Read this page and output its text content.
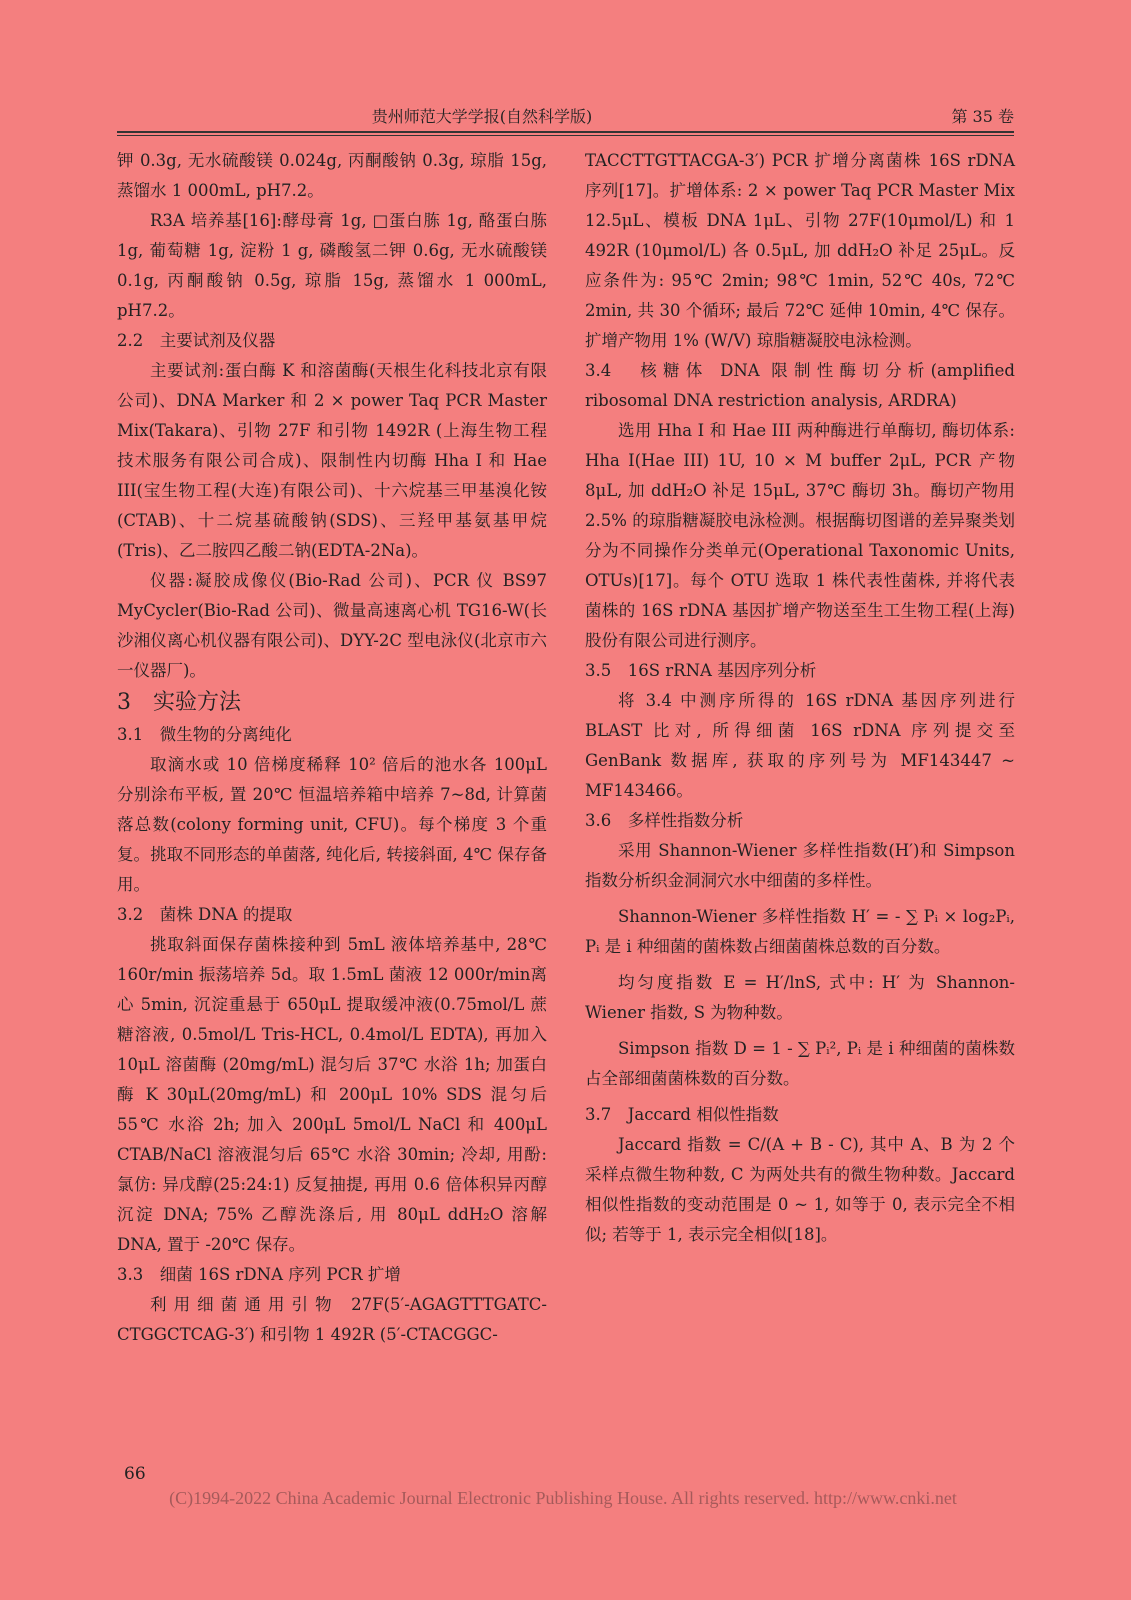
贵州师范大学学报(自然科学版)	第 35 卷

钾 0.3g, 无水硫酸镁 0.024g, 丙酮酸钠 0.3g, 琼脂 15g, 蒸馏水 1 000mL, pH7.2。

R3A 培养基[16]:酵母膏 1g, □蛋白胨 1g, 酪蛋白胨 1g, 葡萄糖 1g, 淀粉 1 g, 磷酸氢二钾 0.6g, 无水硫酸镁 0.1g, 丙酮酸钠 0.5g, 琼脂 15g, 蒸馏水 1 000mL, pH7.2。

2.2　主要试剂及仪器

主要试剂:蛋白酶 K 和溶菌酶(天根生化科技北京有限公司)、DNA Marker 和 2 × power Taq PCR Master Mix(Takara)、引物 27F 和引物 1492R (上海生物工程技术服务有限公司合成)、限制性内切酶 Hha I 和 Hae III(宝生物工程(大连)有限公司)、十六烷基三甲基溴化铵(CTAB)、十二烷基硫酸钠(SDS)、三羟甲基氨基甲烷(Tris)、乙二胺四乙酸二钠(EDTA-2Na)。

仪器:凝胶成像仪(Bio-Rad 公司)、PCR 仪 BS97 MyCycler(Bio-Rad 公司)、微量高速离心机 TG16-W(长沙湘仪离心机仪器有限公司)、DYY-2C 型电泳仪(北京市六一仪器厂)。

3　实验方法

3.1　微生物的分离纯化

取滴水或 10 倍梯度稀释 10² 倍后的池水各 100μL 分别涂布平板, 置 20℃ 恒温培养箱中培养 7~8d, 计算菌落总数(colony forming unit, CFU)。每个梯度 3 个重复。挑取不同形态的单菌落, 纯化后, 转接斜面, 4℃ 保存备用。

3.2　菌株 DNA 的提取

挑取斜面保存菌株接种到 5mL 液体培养基中, 28℃ 160r/min 振荡培养 5d。取 1.5mL 菌液 12 000r/min离心 5min, 沉淀重悬于 650μL 提取缓冲液(0.75mol/L 蔗糖溶液, 0.5mol/L Tris-HCL, 0.4mol/L EDTA), 再加入 10μL 溶菌酶 (20mg/mL) 混匀后 37℃ 水浴 1h; 加蛋白酶 K 30μL(20mg/mL) 和 200μL 10% SDS 混匀后 55℃ 水浴 2h; 加入 200μL 5mol/L NaCl 和 400μL CTAB/NaCl 溶液混匀后 65℃ 水浴 30min; 冷却, 用酚: 氯仿: 异戊醇(25:24:1) 反复抽提, 再用 0.6 倍体积异丙醇沉淀 DNA; 75% 乙醇洗涤后, 用 80μL ddH₂O 溶解 DNA, 置于 -20℃ 保存。

3.3　细菌 16S rDNA 序列 PCR 扩增

利用细菌通用引物 27F(5′-AGAGTTTGATC-CTGGCTCAG-3′) 和引物 1 492R (5′-CTACGGC-

TACCTTGTTACGA-3′) PCR 扩增分离菌株 16S rDNA 序列[17]。扩增体系: 2 × power Taq PCR Master Mix 12.5μL、模板 DNA 1μL、引物 27F(10μmol/L) 和 1 492R (10μmol/L) 各 0.5μL, 加 ddH₂O 补足 25μL。反应条件为: 95℃ 2min; 98℃ 1min, 52℃ 40s, 72℃ 2min, 共 30 个循环; 最后 72℃ 延伸 10min, 4℃ 保存。扩增产物用 1% (W/V) 琼脂糖凝胶电泳检测。

3.4　核糖体 DNA 限制性酶切分析(amplified ribosomal DNA restriction analysis, ARDRA)

选用 Hha I 和 Hae III 两种酶进行单酶切, 酶切体系: Hha I(Hae III) 1U, 10 × M buffer 2μL, PCR 产物 8μL, 加 ddH₂O 补足 15μL, 37℃ 酶切 3h。酶切产物用 2.5% 的琼脂糖凝胶电泳检测。根据酶切图谱的差异聚类划分为不同操作分类单元(Operational Taxonomic Units, OTUs)[17]。每个 OTU 选取 1 株代表性菌株, 并将代表菌株的 16S rDNA 基因扩增产物送至生工生物工程(上海)股份有限公司进行测序。

3.5　16S rRNA 基因序列分析

将 3.4 中测序所得的 16S rDNA 基因序列进行 BLAST 比对, 所得细菌 16S rDNA 序列提交至 GenBank 数据库, 获取的序列号为 MF143447 ~ MF143466。

3.6　多样性指数分析

采用 Shannon-Wiener 多样性指数(H′)和 Simpson 指数分析织金洞洞穴水中细菌的多样性。

Shannon-Wiener 多样性指数 H′ = - ∑ Pᵢ × log₂Pᵢ, Pᵢ 是 i 种细菌的菌株数占细菌菌株总数的百分数。

均匀度指数 E = H′/lnS, 式中: H′ 为 Shannon-Wiener 指数, S 为物种数。

Simpson 指数 D = 1 - ∑ Pᵢ², Pᵢ 是 i 种细菌的菌株数占全部细菌菌株数的百分数。

3.7　Jaccard 相似性指数

Jaccard 指数 = C/(A + B - C), 其中 A、B 为 2 个采样点微生物种数, C 为两处共有的微生物种数。Jaccard 相似性指数的变动范围是 0 ~ 1, 如等于 0, 表示完全不相似; 若等于 1, 表示完全相似[18]。

66
(C)1994-2022 China Academic Journal Electronic Publishing House. All rights reserved. http://www.cnki.net
